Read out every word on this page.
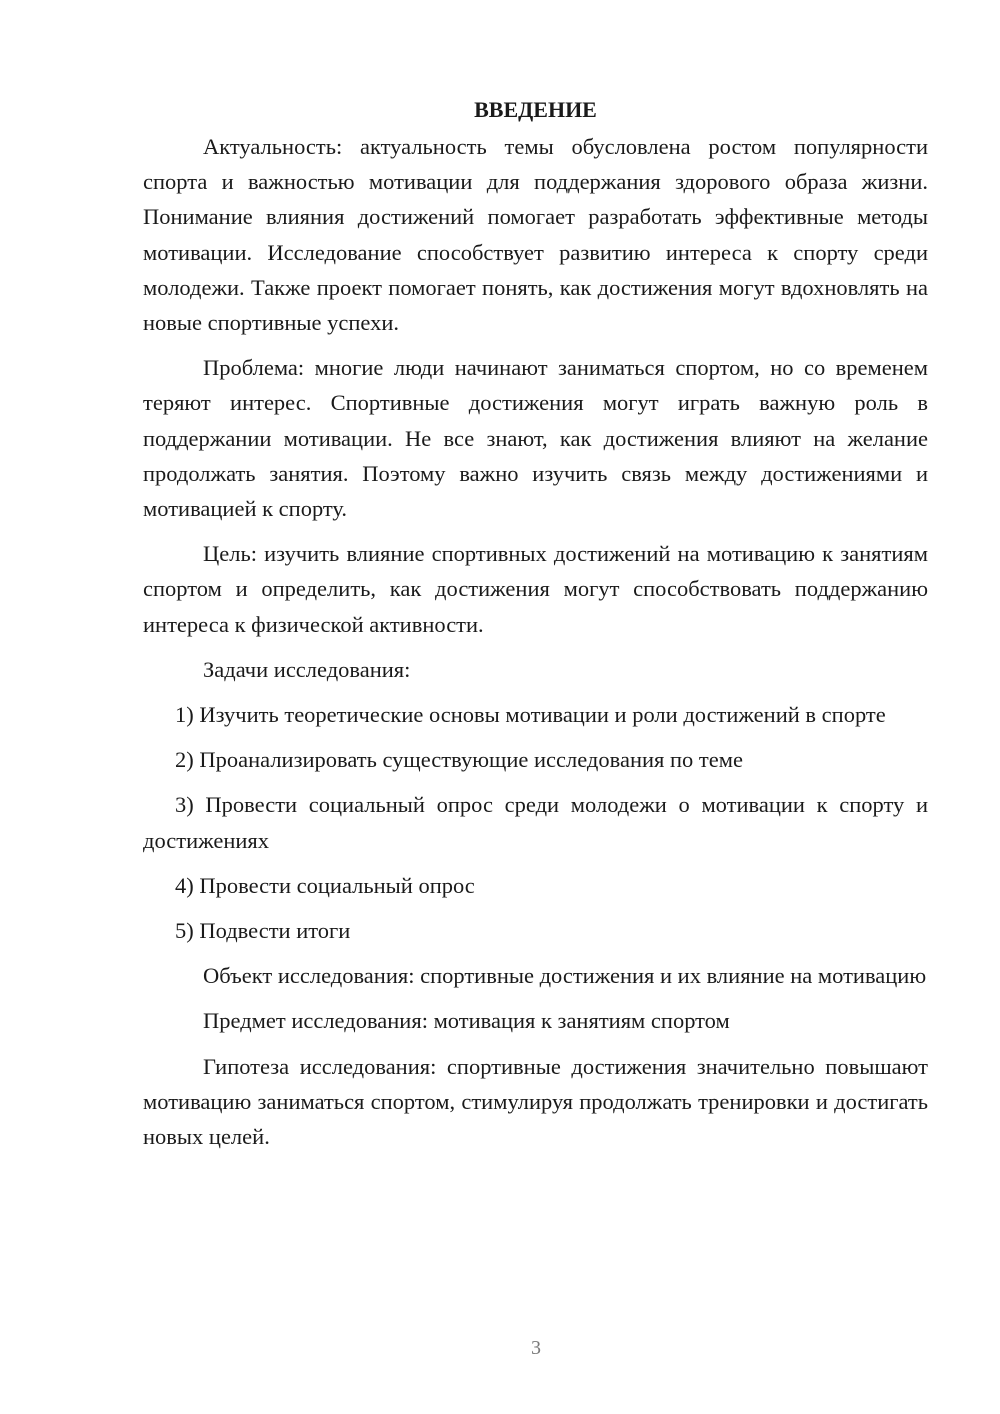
ВВЕДЕНИЕ

Актуальность: актуальность темы обусловлена ростом популярности спорта и важностью мотивации для поддержания здорового образа жизни. Понимание влияния достижений помогает разработать эффективные методы мотивации. Исследование способствует развитию интереса к спорту среди молодежи. Также проект помогает понять, как достижения могут вдохновлять на новые спортивные успехи.

Проблема: многие люди начинают заниматься спортом, но со временем теряют интерес. Спортивные достижения могут играть важную роль в поддержании мотивации. Не все знают, как достижения влияют на желание продолжать занятия. Поэтому важно изучить связь между достижениями и мотивацией к спорту.

Цель: изучить влияние спортивных достижений на мотивацию к занятиям спортом и определить, как достижения могут способствовать поддержанию интереса к физической активности.

Задачи исследования:

1) Изучить теоретические основы мотивации и роли достижений в спорте

2) Проанализировать существующие исследования по теме

3) Провести социальный опрос среди молодежи о мотивации к спорту и достижениях

4) Провести социальный опрос

5) Подвести итоги

Объект исследования: спортивные достижения и их влияние на мотивацию

Предмет исследования: мотивация к занятиям спортом

Гипотеза исследования: спортивные достижения значительно повышают мотивацию заниматься спортом, стимулируя продолжать тренировки и достигать новых целей.

3
